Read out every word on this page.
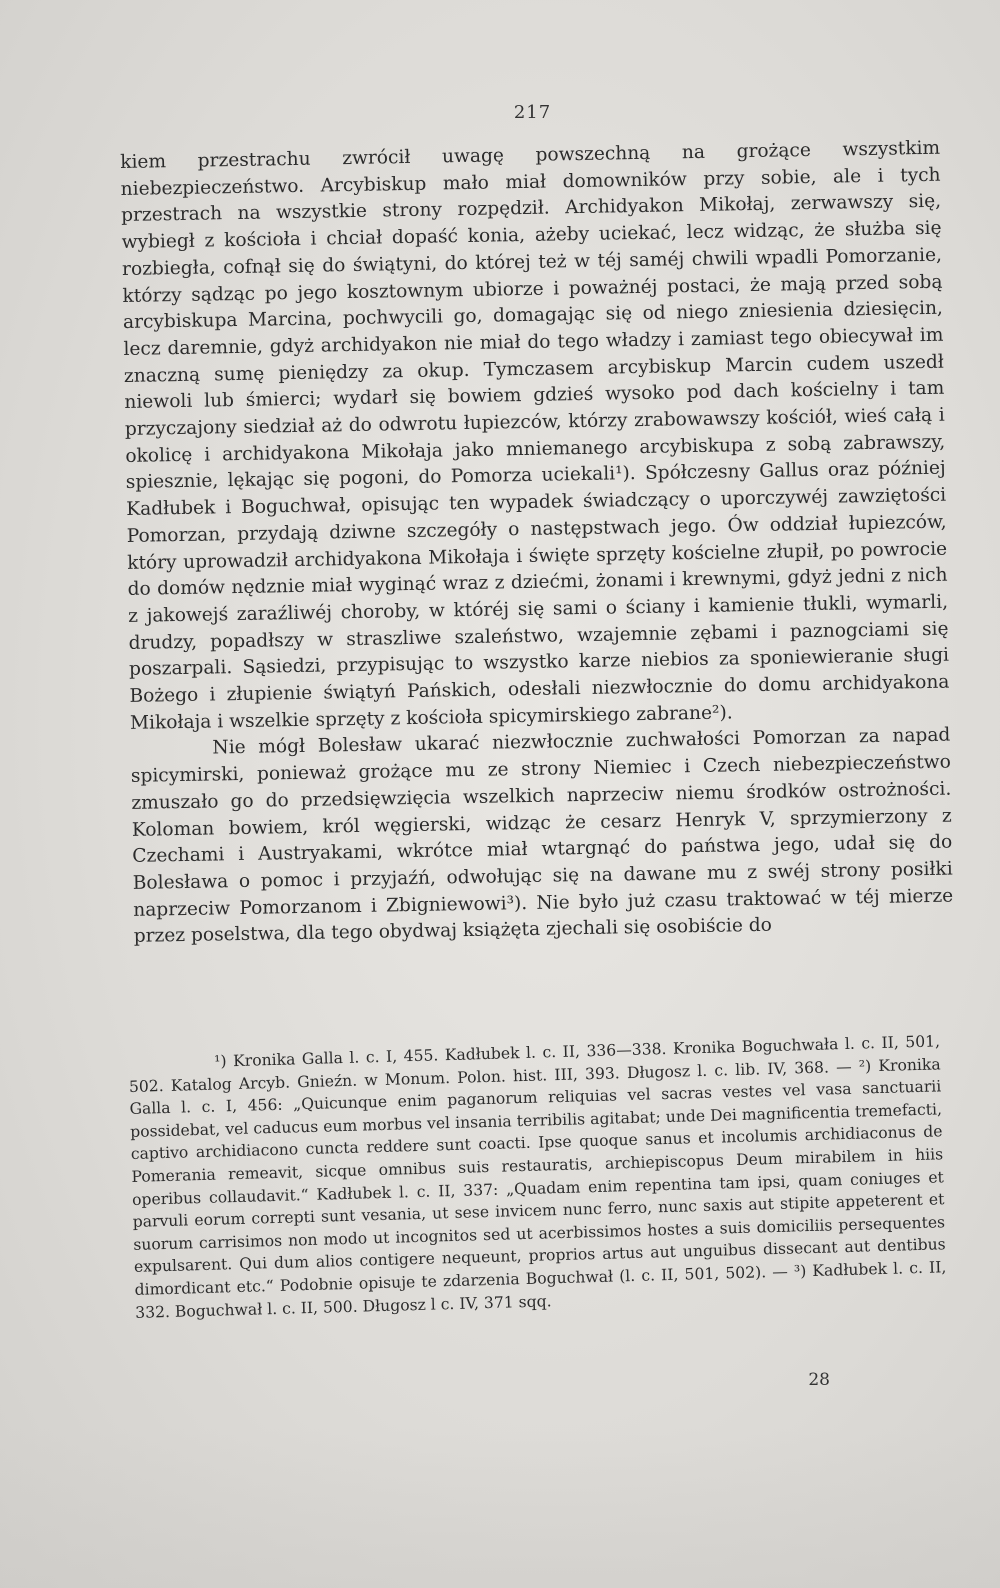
217

kiem przestrachu zwrócił uwagę powszechną na grożące wszystkim niebezpieczeństwo. Arcybiskup mało miał domowników przy sobie, ale i tych przestrach na wszystkie strony rozpędził. Archidyakon Mikołaj, zerwawszy się, wybiegł z kościoła i chciał dopaść konia, ażeby uciekać, lecz widząc, że służba się rozbiegła, cofnął się do świątyni, do której też w téj saméj chwili wpadli Pomorzanie, którzy sądząc po jego kosztownym ubiorze i poważnéj postaci, że mają przed sobą arcybiskupa Marcina, pochwycili go, domagając się od niego zniesienia dziesięcin, lecz daremnie, gdyż archidyakon nie miał do tego władzy i zamiast tego obiecywał im znaczną sumę pieniędzy za okup. Tymczasem arcybiskup Marcin cudem uszedł niewoli lub śmierci; wydarł się bowiem gdzieś wysoko pod dach kościelny i tam przyczajony siedział aż do odwrotu łupiezców, którzy zrabowawszy kościół, wieś całą i okolicę i archidyakona Mikołaja jako mniemanego arcybiskupa z sobą zabrawszy, spiesznie, lękając się pogoni, do Pomorza uciekali¹). Spółczesny Gallus oraz później Kadłubek i Boguchwał, opisując ten wypadek świadczący o uporczywéj zawziętości Pomorzan, przydają dziwne szczegóły o następstwach jego. Ów oddział łupiezców, który uprowadził archidyakona Mikołaja i święte sprzęty kościelne złupił, po powrocie do domów nędznie miał wyginąć wraz z dziećmi, żonami i krewnymi, gdyż jedni z nich z jakowejś zaraźliwéj choroby, w któréj się sami o ściany i kamienie tłukli, wymarli, drudzy, popadłszy w straszliwe szaleństwo, wzajemnie zębami i paznogciami się poszarpali. Sąsiedzi, przypisując to wszystko karze niebios za sponiewieranie sługi Bożego i złupienie świątyń Pańskich, odesłali niezwłocznie do domu archidyakona Mikołaja i wszelkie sprzęty z kościoła spicymirskiego zabrane²).

Nie mógł Bolesław ukarać niezwłocznie zuchwałości Pomorzan za napad spicymirski, ponieważ grożące mu ze strony Niemiec i Czech niebezpieczeństwo zmuszało go do przedsięwzięcia wszelkich naprzeciw niemu środków ostrożności. Koloman bowiem, król węgierski, widząc że cesarz Henryk V, sprzymierzony z Czechami i Austryakami, wkrótce miał wtargnąć do państwa jego, udał się do Bolesława o pomoc i przyjaźń, odwołując się na dawane mu z swéj strony posiłki naprzeciw Pomorzanom i Zbigniewowi³). Nie było już czasu traktować w téj mierze przez poselstwa, dla tego obydwaj książęta zjechali się osobiście do

¹) Kronika Galla l. c. I, 455. Kadłubek l. c. II, 336—338. Kronika Boguchwała l. c. II, 501, 502. Katalog Arcyb. Gnieźn. w Monum. Polon. hist. III, 393. Długosz l. c. lib. IV, 368. — ²) Kronika Galla l. c. I, 456: „Quicunque enim paganorum reliquias vel sacras vestes vel vasa sanctuarii possidebat, vel caducus eum morbus vel insania terribilis agitabat; unde Dei magnificentia tremefacti, captivo archidiacono cuncta reddere sunt coacti. Ipse quoque sanus et incolumis archidiaconus de Pomerania remeavit, sicque omnibus suis restauratis, archiepiscopus Deum mirabilem in hiis operibus collaudavit.“ Kadłubek l. c. II, 337: „Quadam enim repentina tam ipsi, quam coniuges et parvuli eorum correpti sunt vesania, ut sese invicem nunc ferro, nunc saxis aut stipite appeterent et suorum carrisimos non modo ut incognitos sed ut acerbissimos hostes a suis domiciliis persequentes expulsarent. Qui dum alios contigere nequeunt, proprios artus aut unguibus dissecant aut dentibus dimordicant etc.“ Podobnie opisuje te zdarzenia Boguchwał (l. c. II, 501, 502). — ³) Kadłubek l. c. II, 332. Boguchwał l. c. II, 500. Długosz l c. IV, 371 sqq.

28
